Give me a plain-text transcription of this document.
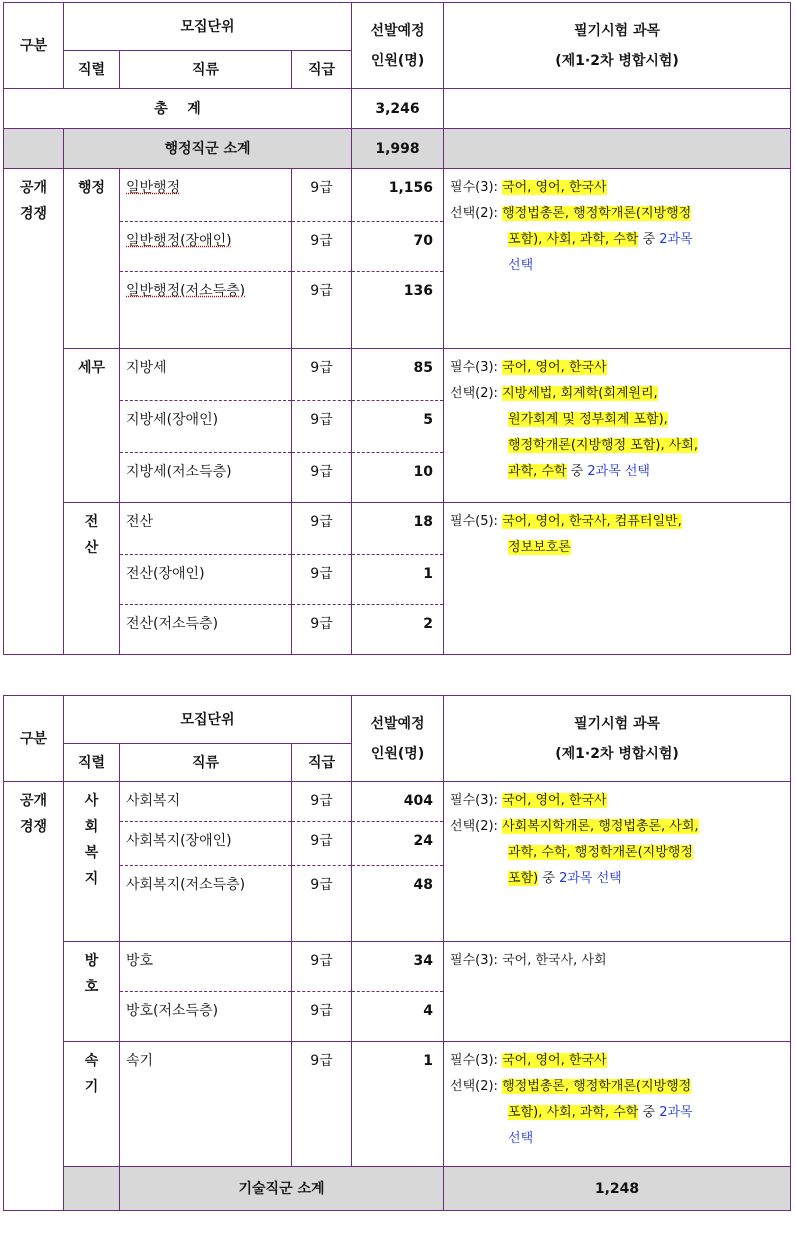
구분	모집단위			선발예정
인원(명)	필기시험 과목
(제1·2차 병합시험)
	직렬	직류	직급		
총    계				3,246	
	행정직군 소계			1,998	
공개
경쟁	행정	일반행정	9급	1,156	필수(3): 국어, 영어, 한국사
선택(2): 행정법총론, 행정학개론(지방행정
포함), 사회, 과학, 수학 중 2과목
선택

		일반행정(장애인)	9급	70	
		일반행정(저소득층)	9급	136	
	세무	지방세	9급	85	필수(3): 국어, 영어, 한국사
선택(2): 지방세법, 회계학(회계원리,
원가회계 및 정부회계 포함),
행정학개론(지방행정 포함), 사회,
과학, 수학 중 2과목 선택

		지방세(장애인)	9급	5	
		지방세(저소득층)	9급	10	
	전
산	전산	9급	18	필수(5): 국어, 영어, 한국사, 컴퓨터일반,
정보보호론

		전산(장애인)	9급	1	
		전산(저소득층)	9급	2	
구분	모집단위			선발예정
인원(명)	필기시험 과목
(제1·2차 병합시험)	
	직렬	직류	직급			
공개
경쟁	사
회
복
지	사회복지	9급	404	필수(3): 국어, 영어, 한국사
선택(2): 사회복지학개론, 행정법총론, 사회,
과학, 수학, 행정학개론(지방행정
포함) 중 2과목 선택	

		사회복지(장애인)	9급	24		
		사회복지(저소득층)	9급	48		
	방
호	방호	9급	34	필수(3): 국어, 한국사, 사회	

		방호(저소득층)	9급	4		
	속
기	속기	9급	1	필수(3): 국어, 영어, 한국사
선택(2): 행정법총론, 행정학개론(지방행정
포함), 사회, 과학, 수학 중 2과목
선택	

		기술직군 소계			1,248	
